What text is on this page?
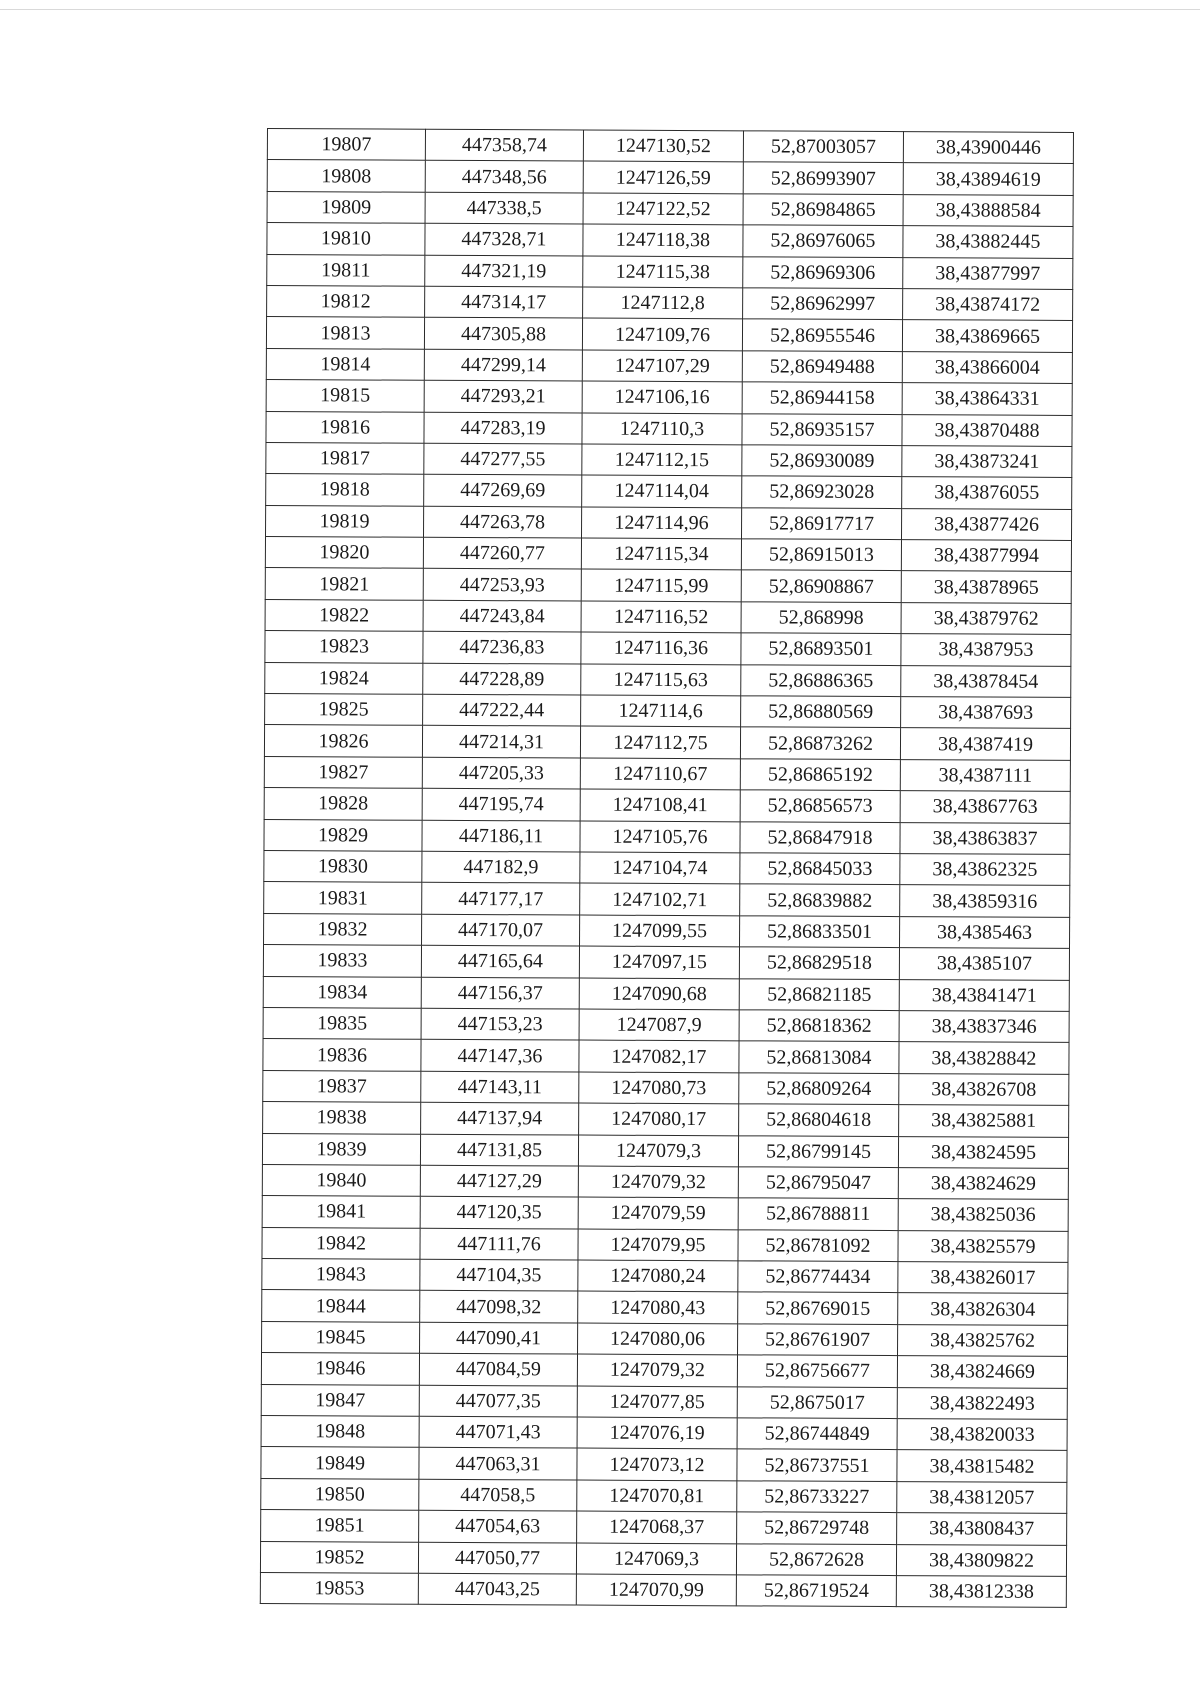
19807	447358,74	1247130,52	52,87003057	38,43900446
19808	447348,56	1247126,59	52,86993907	38,43894619
19809	447338,5	1247122,52	52,86984865	38,43888584
19810	447328,71	1247118,38	52,86976065	38,43882445
19811	447321,19	1247115,38	52,86969306	38,43877997
19812	447314,17	1247112,8	52,86962997	38,43874172
19813	447305,88	1247109,76	52,86955546	38,43869665
19814	447299,14	1247107,29	52,86949488	38,43866004
19815	447293,21	1247106,16	52,86944158	38,43864331
19816	447283,19	1247110,3	52,86935157	38,43870488
19817	447277,55	1247112,15	52,86930089	38,43873241
19818	447269,69	1247114,04	52,86923028	38,43876055
19819	447263,78	1247114,96	52,86917717	38,43877426
19820	447260,77	1247115,34	52,86915013	38,43877994
19821	447253,93	1247115,99	52,86908867	38,43878965
19822	447243,84	1247116,52	52,868998	38,43879762
19823	447236,83	1247116,36	52,86893501	38,4387953
19824	447228,89	1247115,63	52,86886365	38,43878454
19825	447222,44	1247114,6	52,86880569	38,4387693
19826	447214,31	1247112,75	52,86873262	38,4387419
19827	447205,33	1247110,67	52,86865192	38,4387111
19828	447195,74	1247108,41	52,86856573	38,43867763
19829	447186,11	1247105,76	52,86847918	38,43863837
19830	447182,9	1247104,74	52,86845033	38,43862325
19831	447177,17	1247102,71	52,86839882	38,43859316
19832	447170,07	1247099,55	52,86833501	38,4385463
19833	447165,64	1247097,15	52,86829518	38,4385107
19834	447156,37	1247090,68	52,86821185	38,43841471
19835	447153,23	1247087,9	52,86818362	38,43837346
19836	447147,36	1247082,17	52,86813084	38,43828842
19837	447143,11	1247080,73	52,86809264	38,43826708
19838	447137,94	1247080,17	52,86804618	38,43825881
19839	447131,85	1247079,3	52,86799145	38,43824595
19840	447127,29	1247079,32	52,86795047	38,43824629
19841	447120,35	1247079,59	52,86788811	38,43825036
19842	447111,76	1247079,95	52,86781092	38,43825579
19843	447104,35	1247080,24	52,86774434	38,43826017
19844	447098,32	1247080,43	52,86769015	38,43826304
19845	447090,41	1247080,06	52,86761907	38,43825762
19846	447084,59	1247079,32	52,86756677	38,43824669
19847	447077,35	1247077,85	52,8675017	38,43822493
19848	447071,43	1247076,19	52,86744849	38,43820033
19849	447063,31	1247073,12	52,86737551	38,43815482
19850	447058,5	1247070,81	52,86733227	38,43812057
19851	447054,63	1247068,37	52,86729748	38,43808437
19852	447050,77	1247069,3	52,8672628	38,43809822
19853	447043,25	1247070,99	52,86719524	38,43812338
